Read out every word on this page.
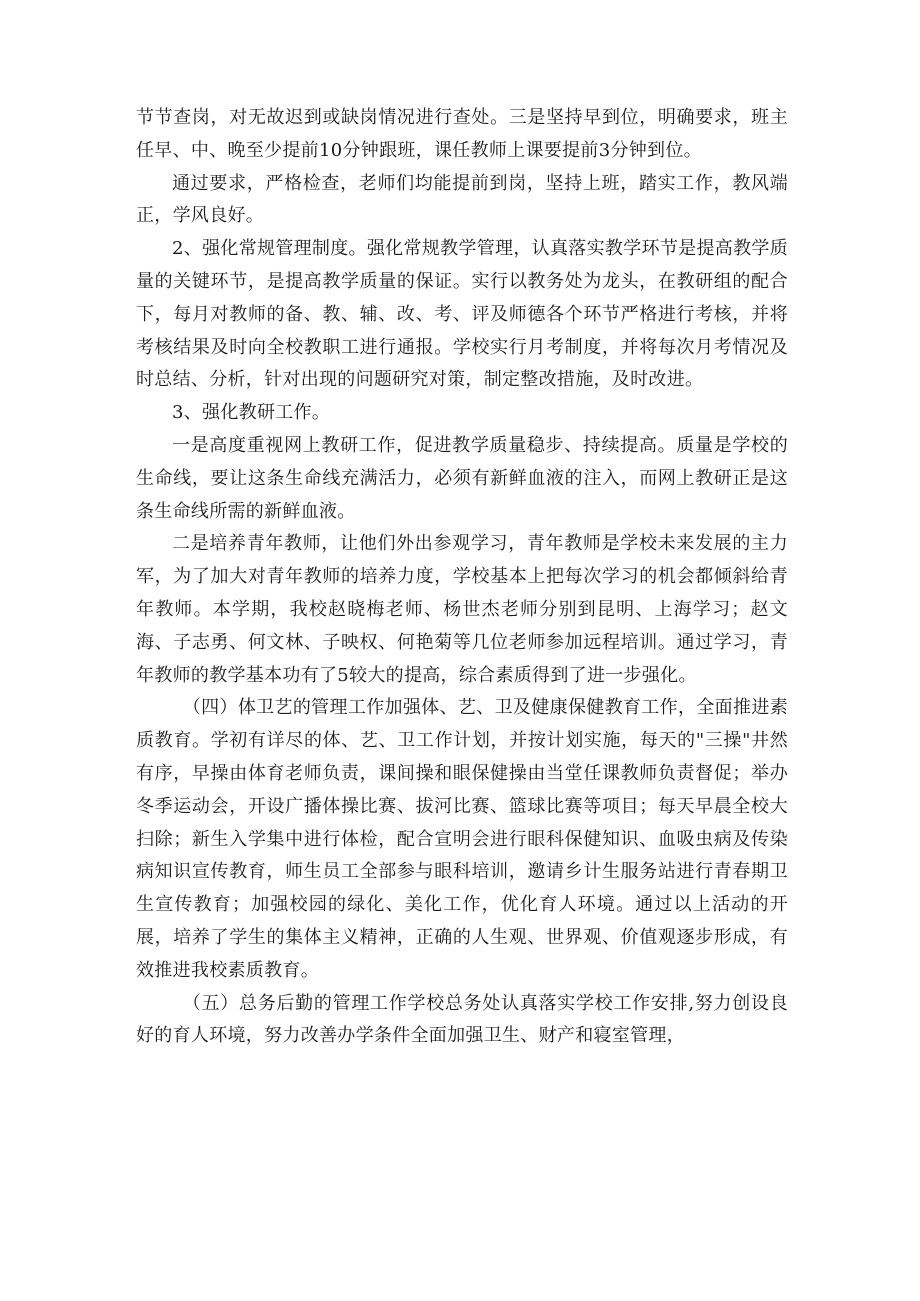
节节查岗，对无故迟到或缺岗情况进行查处。三是坚持早到位，明确要求，班主任早、中、晚至少提前10分钟跟班，课任教师上课要提前3分钟到位。

通过要求，严格检查，老师们均能提前到岗，坚持上班，踏实工作，教风端正，学风良好。

2、强化常规管理制度。强化常规教学管理，认真落实教学环节是提高教学质量的关键环节，是提高教学质量的保证。实行以教务处为龙头，在教研组的配合下，每月对教师的备、教、辅、改、考、评及师德各个环节严格进行考核，并将考核结果及时向全校教职工进行通报。学校实行月考制度，并将每次月考情况及时总结、分析，针对出现的问题研究对策，制定整改措施，及时改进。

3、强化教研工作。

一是高度重视网上教研工作，促进教学质量稳步、持续提高。质量是学校的生命线，要让这条生命线充满活力，必须有新鲜血液的注入，而网上教研正是这条生命线所需的新鲜血液。

二是培养青年教师，让他们外出参观学习，青年教师是学校未来发展的主力军，为了加大对青年教师的培养力度，学校基本上把每次学习的机会都倾斜给青年教师。本学期，我校赵晓梅老师、杨世杰老师分别到昆明、上海学习；赵文海、子志勇、何文林、子映权、何艳菊等几位老师参加远程培训。通过学习，青年教师的教学基本功有了5较大的提高，综合素质得到了进一步强化。

（四）体卫艺的管理工作加强体、艺、卫及健康保健教育工作，全面推进素质教育。学初有详尽的体、艺、卫工作计划，并按计划实施，每天的"三操"井然有序，早操由体育老师负责，课间操和眼保健操由当堂任课教师负责督促；举办冬季运动会，开设广播体操比赛、拔河比赛、篮球比赛等项目；每天早晨全校大扫除；新生入学集中进行体检，配合宣明会进行眼科保健知识、血吸虫病及传染病知识宣传教育，师生员工全部参与眼科培训，邀请乡计生服务站进行青春期卫生宣传教育；加强校园的绿化、美化工作，优化育人环境。通过以上活动的开展，培养了学生的集体主义精神，正确的人生观、世界观、价值观逐步形成，有效推进我校素质教育。

（五）总务后勤的管理工作学校总务处认真落实学校工作安排,努力创设良好的育人环境，努力改善办学条件全面加强卫生、财产和寝室管理，
